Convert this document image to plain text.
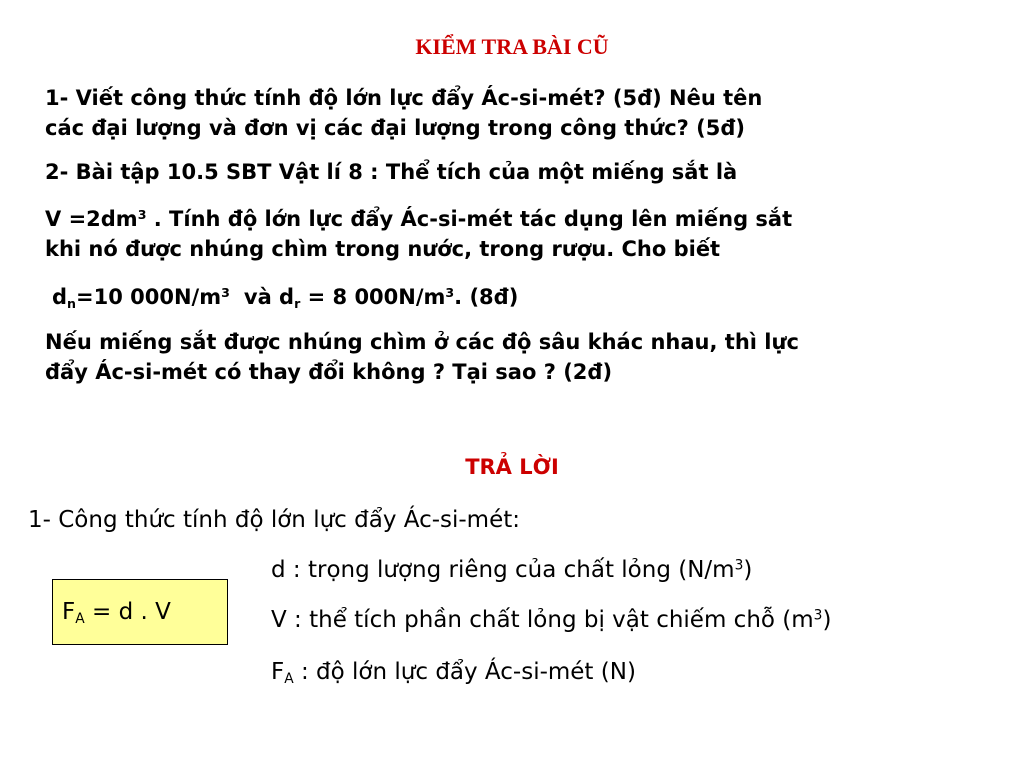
KIỂM TRA BÀI CŨ
1- Viết công thức tính độ lớn lực đẩy Ác-si-mét? (5đ) Nêu tên
các đại lượng và đơn vị các đại lượng trong công thức? (5đ)
2- Bài tập 10.5 SBT Vật lí 8 : Thể tích của một miếng sắt là
$V =2dm^3$ . Tính độ lớn lực đẩy Ác-si-mét tác dụng lên miếng sắt
khi nó được nhúng chìm trong nước, trong rượu. Cho biết
$d_n=10$ $000N/m^3$ và $d_r = 8$ $000N/m^3$. (8đ)
Nếu miếng sắt được nhúng chìm ở các độ sâu khác nhau, thì lực
đẩy Ác-si-mét có thay đổi không ? Tại sao ? (2đ)
TRẢ LỜI
1- Công thức tính độ lớn lực đẩy Ác-si-mét:
$F_A = d$ . V
d : trọng lượng riêng của chất lỏng $(N/m^3)$
V : thể tích phần chất lỏng bị vật chiếm chỗ $(m^3)$
$F_A$ : độ lớn lực đẩy Ác-si-mét (N)
